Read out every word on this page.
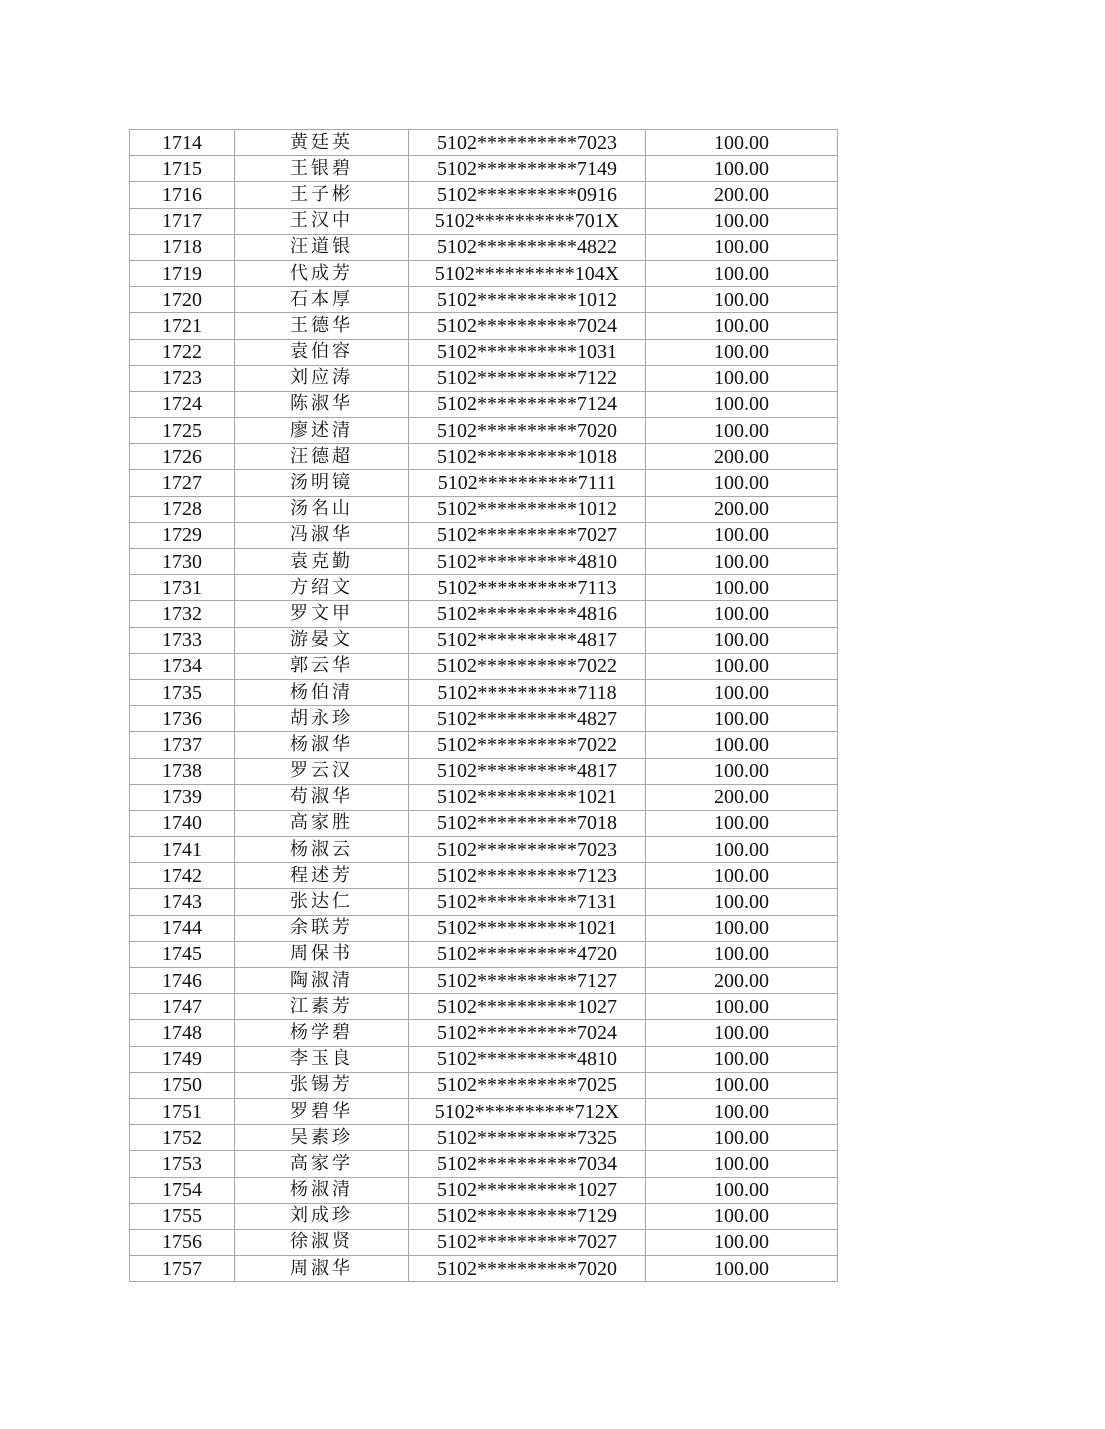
1714	黄廷英	5102**********7023	100.00
1715	王银碧	5102**********7149	100.00
1716	王子彬	5102**********0916	200.00
1717	王汉中	5102**********701X	100.00
1718	汪道银	5102**********4822	100.00
1719	代成芳	5102**********104X	100.00
1720	石本厚	5102**********1012	100.00
1721	王德华	5102**********7024	100.00
1722	袁伯容	5102**********1031	100.00
1723	刘应涛	5102**********7122	100.00
1724	陈淑华	5102**********7124	100.00
1725	廖述清	5102**********7020	100.00
1726	汪德超	5102**********1018	200.00
1727	汤明镜	5102**********7111	100.00
1728	汤名山	5102**********1012	200.00
1729	冯淑华	5102**********7027	100.00
1730	袁克勤	5102**********4810	100.00
1731	方绍文	5102**********7113	100.00
1732	罗文甲	5102**********4816	100.00
1733	游晏文	5102**********4817	100.00
1734	郭云华	5102**********7022	100.00
1735	杨伯清	5102**********7118	100.00
1736	胡永珍	5102**********4827	100.00
1737	杨淑华	5102**********7022	100.00
1738	罗云汉	5102**********4817	100.00
1739	苟淑华	5102**********1021	200.00
1740	高家胜	5102**********7018	100.00
1741	杨淑云	5102**********7023	100.00
1742	程述芳	5102**********7123	100.00
1743	张达仁	5102**********7131	100.00
1744	余联芳	5102**********1021	100.00
1745	周保书	5102**********4720	100.00
1746	陶淑清	5102**********7127	200.00
1747	江素芳	5102**********1027	100.00
1748	杨学碧	5102**********7024	100.00
1749	李玉良	5102**********4810	100.00
1750	张锡芳	5102**********7025	100.00
1751	罗碧华	5102**********712X	100.00
1752	吴素珍	5102**********7325	100.00
1753	高家学	5102**********7034	100.00
1754	杨淑清	5102**********1027	100.00
1755	刘成珍	5102**********7129	100.00
1756	徐淑贤	5102**********7027	100.00
1757	周淑华	5102**********7020	100.00
